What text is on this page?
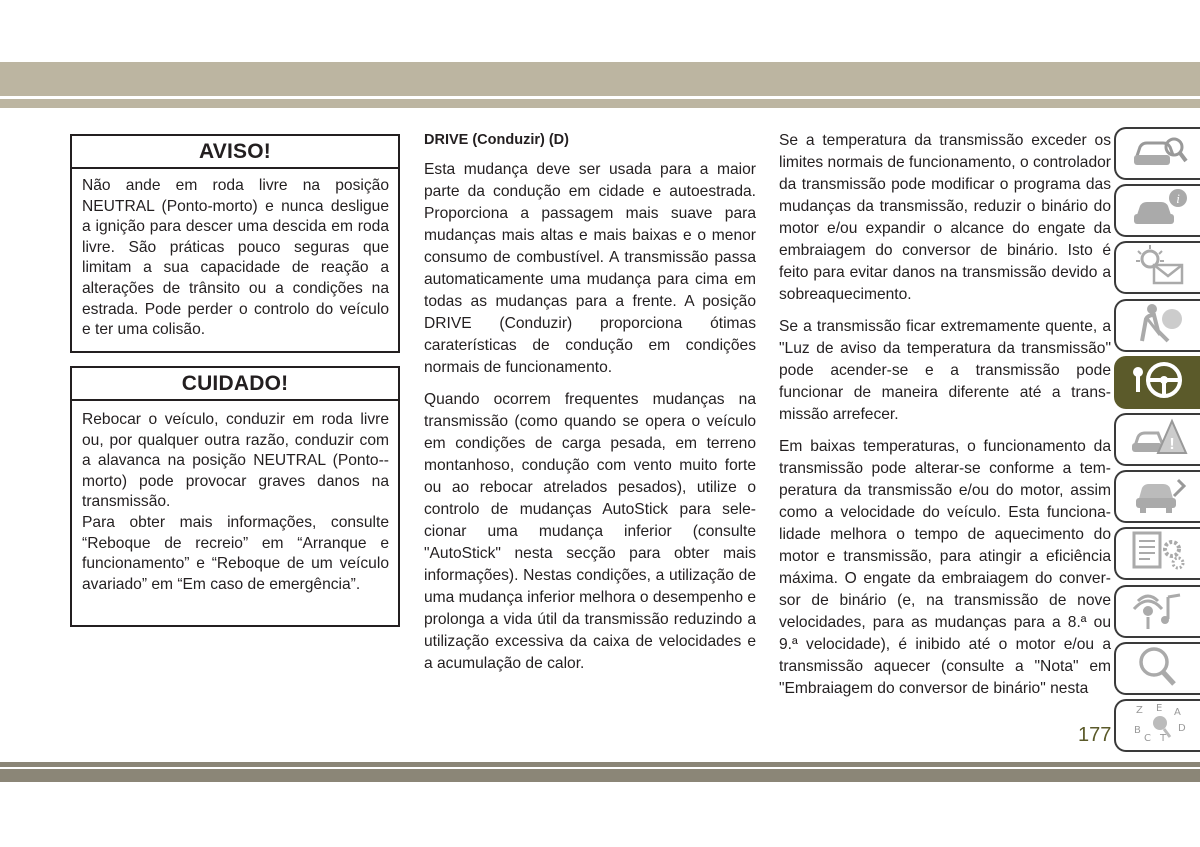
AVISO!

Não ande em roda livre na posição NEUTRAL (Ponto-morto) e nunca desligue a ignição para descer uma descida em roda livre. São práticas pouco seguras que limitam a sua capacidade de reação a alterações de trânsito ou a condições na estrada. Pode perder o controlo do veículo e ter uma colisão.

CUIDADO!

Rebocar o veículo, conduzir em roda livre ou, por qualquer outra razão, conduzir com a alavanca na posição NEUTRAL (Ponto--morto) pode provocar graves danos na transmissão.

Para obter mais informações, consulte “Reboque de recreio” em “Arranque e funcionamento” e “Reboque de um veículo avariado” em “Em caso de emergência”.

DRIVE (Conduzir) (D)

Esta mudança deve ser usada para a maior parte da condução em cidade e autoestrada. Proporciona a passagem mais suave para mudanças mais altas e mais baixas e o menor consumo de combustível. A transmissão passa automaticamente uma mudança para cima em todas as mudanças para a frente. A posição DRIVE (Conduzir) proporciona ótimas caraterísticas de condução em condições normais de funcionamento.

Quando ocorrem frequentes mudanças na transmissão (como quando se opera o veículo em condições de carga pesada, em terreno montanhoso, condução com vento muito forte ou ao rebocar atrelados pesados), utilize o controlo de mudanças AutoStick para selecionar uma mudança inferior (consulte "AutoStick" nesta secção para obter mais informações). Nestas condições, a utilização de uma mudança inferior melhora o desempenho e prolonga a vida útil da transmissão reduzindo a utilização excessiva da caixa de velocidades e a acumulação de calor.

Se a temperatura da transmissão exceder os limites normais de funcionamento, o controlador da transmissão pode modificar o programa das mudanças da transmissão, reduzir o binário do motor e/ou expandir o alcance do engate da embraiagem do conversor de binário. Isto é feito para evitar danos na transmissão devido a sobreaquecimento.

Se a transmissão ficar extremamente quente, a "Luz de aviso da temperatura da transmissão" pode acender-se e a transmissão pode funcionar de maneira diferente até a transmissão arrefecer.

Em baixas temperaturas, o funcionamento da transmissão pode alterar-se conforme a temperatura da transmissão e/ou do motor, assim como a velocidade do veículo. Esta funcionalidade melhora o tempo de aquecimento do motor e transmissão, para atingir a eficiência máxima. O engate da embraiagem do conversor de binário (e, na transmissão de nove velocidades, para as mudanças para a 8.ª ou 9.ª velocidade), é inibido até o motor e/ou a transmissão aquecer (consulte a "Nota" em "Embraiagem do conversor de binário" nesta

i
!
Z E A
D
B
C T
177
